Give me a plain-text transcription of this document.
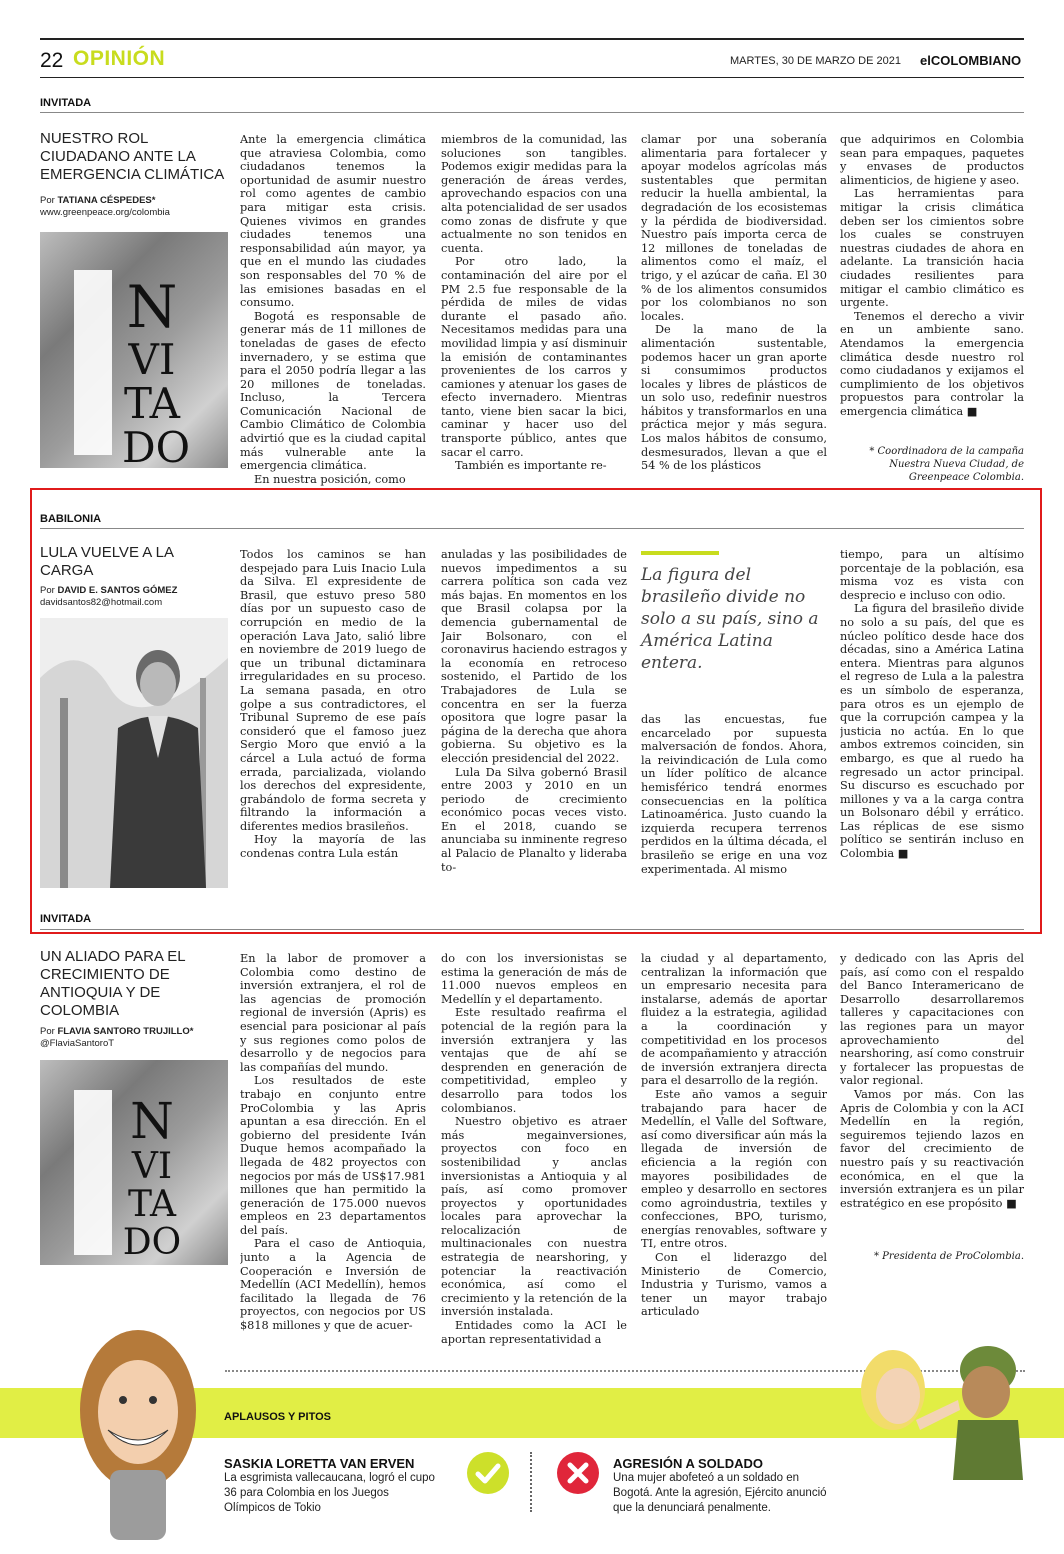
22 OPINIÓN	MARTES, 30 DE MARZO DE 2021 elCOLOMBIANO
INVITADA
NUESTRO ROL CIUDADANO ANTE LA EMERGENCIA CLIMÁTICA
Por TATIANA CÉSPEDES*
www.greenpeace.org/colombia
N
VI
TA
DO

Ante la emergencia climática que atraviesa Colombia, como ciudadanos tenemos la oportunidad de asumir nuestro rol como agentes de cambio para mitigar esta crisis. Quienes vivimos en grandes ciudades tenemos una responsabilidad aún mayor, ya que en el mundo las ciudades son responsables del 70 % de las emisiones basadas en el consumo.

Bogotá es responsable de generar más de 11 millones de toneladas de gases de efecto invernadero, y se estima que para el 2050 podría llegar a las 20 millones de toneladas. Incluso, la Tercera Comunicación Nacional de Cambio Climático de Colombia advirtió que es la ciudad capital más vulnerable ante la emergencia climática.

En nuestra posición, como

miembros de la comunidad, las soluciones son tangibles. Podemos exigir medidas para la generación de áreas verdes, aprovechando espacios con una alta potencialidad de ser usados como zonas de disfrute y que actualmente no son tenidos en cuenta.

Por otro lado, la contaminación del aire por el PM 2.5 fue responsable de la pérdida de miles de vidas durante el pasado año. Necesitamos medidas para una movilidad limpia y así disminuir la emisión de contaminantes provenientes de los carros y camiones y atenuar los gases de efecto invernadero. Mientras tanto, viene bien sacar la bici, caminar y hacer uso del transporte público, antes que sacar el carro.

También es importante re-

clamar por una soberanía alimentaria para fortalecer y apoyar modelos agrícolas más sustentables que permitan reducir la huella ambiental, la degradación de los ecosistemas y la pérdida de biodiversidad. Nuestro país importa cerca de 12 millones de toneladas de alimentos como el maíz, el trigo, y el azúcar de caña. El 30 % de los alimentos consumidos por los colombianos no son locales.

De la mano de la alimentación sustentable, podemos hacer un gran aporte si consumimos productos locales y libres de plásticos de un solo uso, redefinir nuestros hábitos y transformarlos en una práctica mejor y más segura. Los malos hábitos de consumo, desmesurados, llevan a que el 54 % de los plásticos

que adquirimos en Colombia sean para empaques, paquetes y envases de productos alimenticios, de higiene y aseo.

Las herramientas para mitigar la crisis climática deben ser los cimientos sobre los cuales se construyen nuestras ciudades de ahora en adelante. La transición hacia ciudades resilientes para mitigar el cambio climático es urgente.

Tenemos el derecho a vivir en un ambiente sano. Atendamos la emergencia climática desde nuestro rol como ciudadanos y exijamos el cumplimiento de los objetivos propuestos para controlar la emergencia climática ■

* Coordinadora de la campaña Nuestra Nueva Ciudad, de Greenpeace Colombia.
BABILONIA
LULA VUELVE A LA CARGA
Por DAVID E. SANTOS GÓMEZ
davidsantos82@hotmail.com

Todos los caminos se han despejado para Luis Inacio Lula da Silva. El expresidente de Brasil, que estuvo preso 580 días por un supuesto caso de corrupción en medio de la operación Lava Jato, salió libre en noviembre de 2019 luego de que un tribunal dictaminara irregularidades en su proceso. La semana pasada, en otro golpe a sus contradictores, el Tribunal Supremo de ese país consideró que el famoso juez Sergio Moro que envió a la cárcel a Lula actuó de forma errada, parcializada, violando los derechos del expresidente, grabándolo de forma secreta y filtrando la información a diferentes medios brasileños.

Hoy la mayoría de las condenas contra Lula están

anuladas y las posibilidades de nuevos impedimentos a su carrera política son cada vez más bajas. En momentos en los que Brasil colapsa por la demencia gubernamental de Jair Bolsonaro, con el coronavirus haciendo estragos y la economía en retroceso sostenido, el Partido de los Trabajadores de Lula se concentra en ser la fuerza opositora que logre pasar la página de la derecha que ahora gobierna. Su objetivo es la elección presidencial del 2022.

Lula Da Silva gobernó Brasil entre 2003 y 2010 en un periodo de crecimiento económico pocas veces visto. En el 2018, cuando se anunciaba su inminente regreso al Palacio de Planalto y lideraba to-

La figura del brasileño divide no solo a su país, sino a América Latina entera.

das las encuestas, fue encarcelado por supuesta malversación de fondos. Ahora, la reivindicación de Lula como un líder político de alcance hemisférico tendrá enormes consecuencias en la política Latinoamérica. Justo cuando la izquierda recupera terrenos perdidos en la última década, el brasileño se erige en una voz experimentada. Al mismo

tiempo, para un altísimo porcentaje de la población, esa misma voz es vista con desprecio e incluso con odio.

La figura del brasileño divide no solo a su país, del que es núcleo político desde hace dos décadas, sino a América Latina entera. Mientras para algunos el regreso de Lula a la palestra es un símbolo de esperanza, para otros es un ejemplo de que la corrupción campea y la justicia no actúa. En lo que ambos extremos coinciden, sin embargo, es que al ruedo ha regresado un actor principal. Su discurso es escuchado por millones y va a la carga contra un Bolsonaro débil y errático. Las réplicas de ese sismo político se sentirán incluso en Colombia ■

INVITADA
UN ALIADO PARA EL CRECIMIENTO DE ANTIOQUIA Y DE COLOMBIA
Por FLAVIA SANTORO TRUJILLO*
@FlaviaSantoroT
N
VI
TA
DO

En la labor de promover a Colombia como destino de inversión extranjera, el rol de las agencias de promoción regional de inversión (Apris) es esencial para posicionar al país y sus regiones como polos de desarrollo y de negocios para las compañías del mundo.

Los resultados de este trabajo en conjunto entre ProColombia y las Apris apuntan a esa dirección. En el gobierno del presidente Iván Duque hemos acompañado la llegada de 482 proyectos con negocios por más de US$17.981 millones que han permitido la generación de 175.000 nuevos empleos en 23 departamentos del país.

Para el caso de Antioquia, junto a la Agencia de Cooperación e Inversión de Medellín (ACI Medellín), hemos facilitado la llegada de 76 proyectos, con negocios por US $818 millones y que de acuer-

do con los inversionistas se estima la generación de más de 11.000 nuevos empleos en Medellín y el departamento.

Este resultado reafirma el potencial de la región para la inversión extranjera y las ventajas que de ahí se desprenden en generación de competitividad, empleo y desarrollo para todos los colombianos.

Nuestro objetivo es atraer más megainversiones, proyectos con foco en sostenibilidad y anclas inversionistas a Antioquia y al país, así como promover proyectos y oportunidades locales para aprovechar la relocalización de multinacionales con nuestra estrategia de nearshoring, y potenciar la reactivación económica, así como el crecimiento y la retención de la inversión instalada.

Entidades como la ACI le aportan representatividad a

la ciudad y al departamento, centralizan la información que un empresario necesita para instalarse, además de aportar fluidez a la estrategia, agilidad a la coordinación y competitividad en los procesos de acompañamiento y atracción de inversión extranjera directa para el desarrollo de la región.

Este año vamos a seguir trabajando para hacer de Medellín, el Valle del Software, así como diversificar aún más la llegada de inversión de eficiencia a la región con mayores posibilidades de empleo y desarrollo en sectores como agroindustria, textiles y confecciones, BPO, turismo, energías renovables, software y TI, entre otros.

Con el liderazgo del Ministerio de Comercio, Industria y Turismo, vamos a tener un mayor trabajo articulado

y dedicado con las Apris del país, así como con el respaldo del Banco Interamericano de Desarrollo desarrollaremos talleres y capacitaciones con las regiones para un mayor aprovechamiento del nearshoring, así como construir y fortalecer las propuestas de valor regional.

Vamos por más. Con las Apris de Colombia y con la ACI Medellín en la región, seguiremos tejiendo lazos en favor del crecimiento de nuestro país y su reactivación económica, en el que la inversión extranjera es un pilar estratégico en ese propósito ■

* Presidenta de ProColombia.
APLAUSOS Y PITOS
SASKIA LORETTA VAN ERVEN
La esgrimista vallecaucana, logró el cupo 36 para Colombia en los Juegos Olímpicos de Tokio
AGRESIÓN A SOLDADO
Una mujer abofeteó a un soldado en Bogotá. Ante la agresión, Ejército anunció que la denunciará penalmente.
